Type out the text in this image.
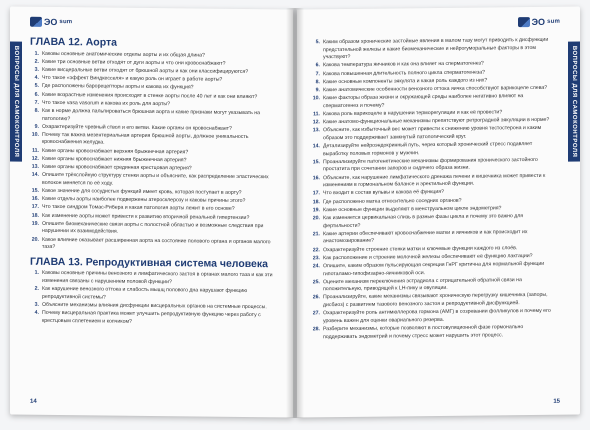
ЭО sum
ВОПРОСЫ ДЛЯ САМОКОНТРОЛЯ
ГЛАВА 12. Аорта
1. Каковы основные анатомические отделы аорты и их общая длина?
2. Какие три основные ветви отходят от дуги аорты и что они кровоснабжают?
3. Какие висцеральные ветви отходят от брюшной аорты и как они классифицируются?
4. Что такое «эффект Виндкесселя» и какую роль он играет в работе аорты?
5. Где расположены барорецепторы аорты и какова их функция?
6. Какие возрастные изменения происходят в стенке аорты после 40 лет и как они влияют?
7. Что такое vasa vasorum и какова их роль для аорты?
8. Как в норме должна пальпироваться брюшная аорта и какие признаки могут указывать на патологию?
9. Охарактеризуйте чревный ствол и его ветви. Какие органы он кровоснабжает?
10. Почему так важна мезентериальная артерия брюшной аорты, должное уникальность кровоснабжения желудка.
11. Какие органы кровоснабжает верхняя брыжеечная артерия?
12. Какие органы кровоснабжает нижняя брыжеечная артерия?
13. Какие органы кровоснабжает срединная крестцовая артерия?
14. Опишите трёхслойную структуру стенки аорты и объясните, как распределение эластических волокон меняется по её ходу.
15. Какое значение для сосудистых функций имеет кровь, которая поступает в аорту?
16. Какие отделы аорты наиболее подвержены атеросклерозу и каковы причины этого?
17. Что такое синдром Томас-Рибера и какая патология аорты лежит в его основе?
18. Как изменение аорты может привести к развитию вторичной ренальной гипертензии?
19. Опишите биомеханические связи аорты с полостной областью и возможные следствия при нарушении их взаимодействия.
20. Какое влияние оказывает расширенная аорта на состояние полового органа и органов малого таза?
ГЛАВА 13. Репродуктивная система человека
1. Каковы основные причины венозного и лимфатического застоя в органах малого таза и как эти изменения связаны с нарушением половой функции?
2. Как нарушение венозного оттока и слабость мышц полового дна нарушают функцию репродуктивной системы?
3. Объясните механизмы влияния дисфункции висцеральных органов на системные процессы.
4. Почему висцеральная практика может улучшить репродуктивную функцию через работу с крестцовым сплетением и копчиком?
14
ЭО sum
ВОПРОСЫ ДЛЯ САМОКОНТРОЛЯ
5. Каким образом хронические застойные явления в малом тазу могут приводить к дисфункции предстательной железы и какие биомеханические и нейрогуморальные факторы в этом участвуют?
6. Какова температура яичников и как она влияет на сперматогенез?
7. Какова повышенная длительность полного цикла сперматогенеза?
8. Какие основные компоненты эякулята и какая роль каждого из них?
9. Какие анатомические особенности венозного оттока яичка способствуют варикоцеле слева?
10. Какие факторы образа жизни и окружающей среды наиболее негативно влияют на сперматогенез и почему?
11. Какова роль варикоцеле в нарушении терморегуляции и как её провести?
12. Какие анатомо-функциональные механизмы препятствуют ретроградной эякуляции в норме?
13. Объясните, как избыточный вес может привести к снижению уровня тестостерона и каким образом это поддерживает замкнутый патологический круг.
14. Детализируйте нейроэндокринный путь, через который хронический стресс подавляет выработку половых гормонов у мужчин.
15. Проанализируйте патогенетические механизмы формирования хронического застойного простатита при сочетании запоров и сидячего образа жизни.
16. Объясните, как нарушение лимфатического дренажа печени и кишечника может привести к изменениям в гормональном балансе и эректильной функции.
17. Что входит в состав вульвы и какова её функция?
18. Где расположено матка относительно соседних органов?
19. Какие основные функции выделяют в менструальном цикле эндометрия?
20. Как изменяется цервикальная слизь в разные фазы цикла и почему это важно для фертильности?
21. Какие артерии обеспечивают кровоснабжение матки и яичников и как происходит их анастомозирование?
22. Охарактеризуйте строение стенки матки и ключевые функции каждого из слоёв.
23. Как расположение и строение молочной железы обеспечивают её функцию лактации?
24. Опишите, каким образом пульсирующая секреция ГнРГ критична для нормальной функции гипоталамо-гипофизарно-яичниковой оси.
25. Оцените механизм переключения эстрадиола с отрицательной обратной связи на положительную, приводящей к LH-пику и овуляции.
26. Проанализируйте, какие механизмы связывают хроническую перегрузку кишечника (запоры, дисбиоз) с развитием тазового венозного застоя и репродуктивной дисфункцией.
27. Охарактеризуйте роль антимюллерова гормона (АМГ) в созревании фолликулов и почему его уровень важен для оценки овариального резерва.
28. Разберите механизмы, которые позволяют в постовуляционной фазе гормонально поддерживать эндометрий и почему стресс может нарушить этот процесс.
15
